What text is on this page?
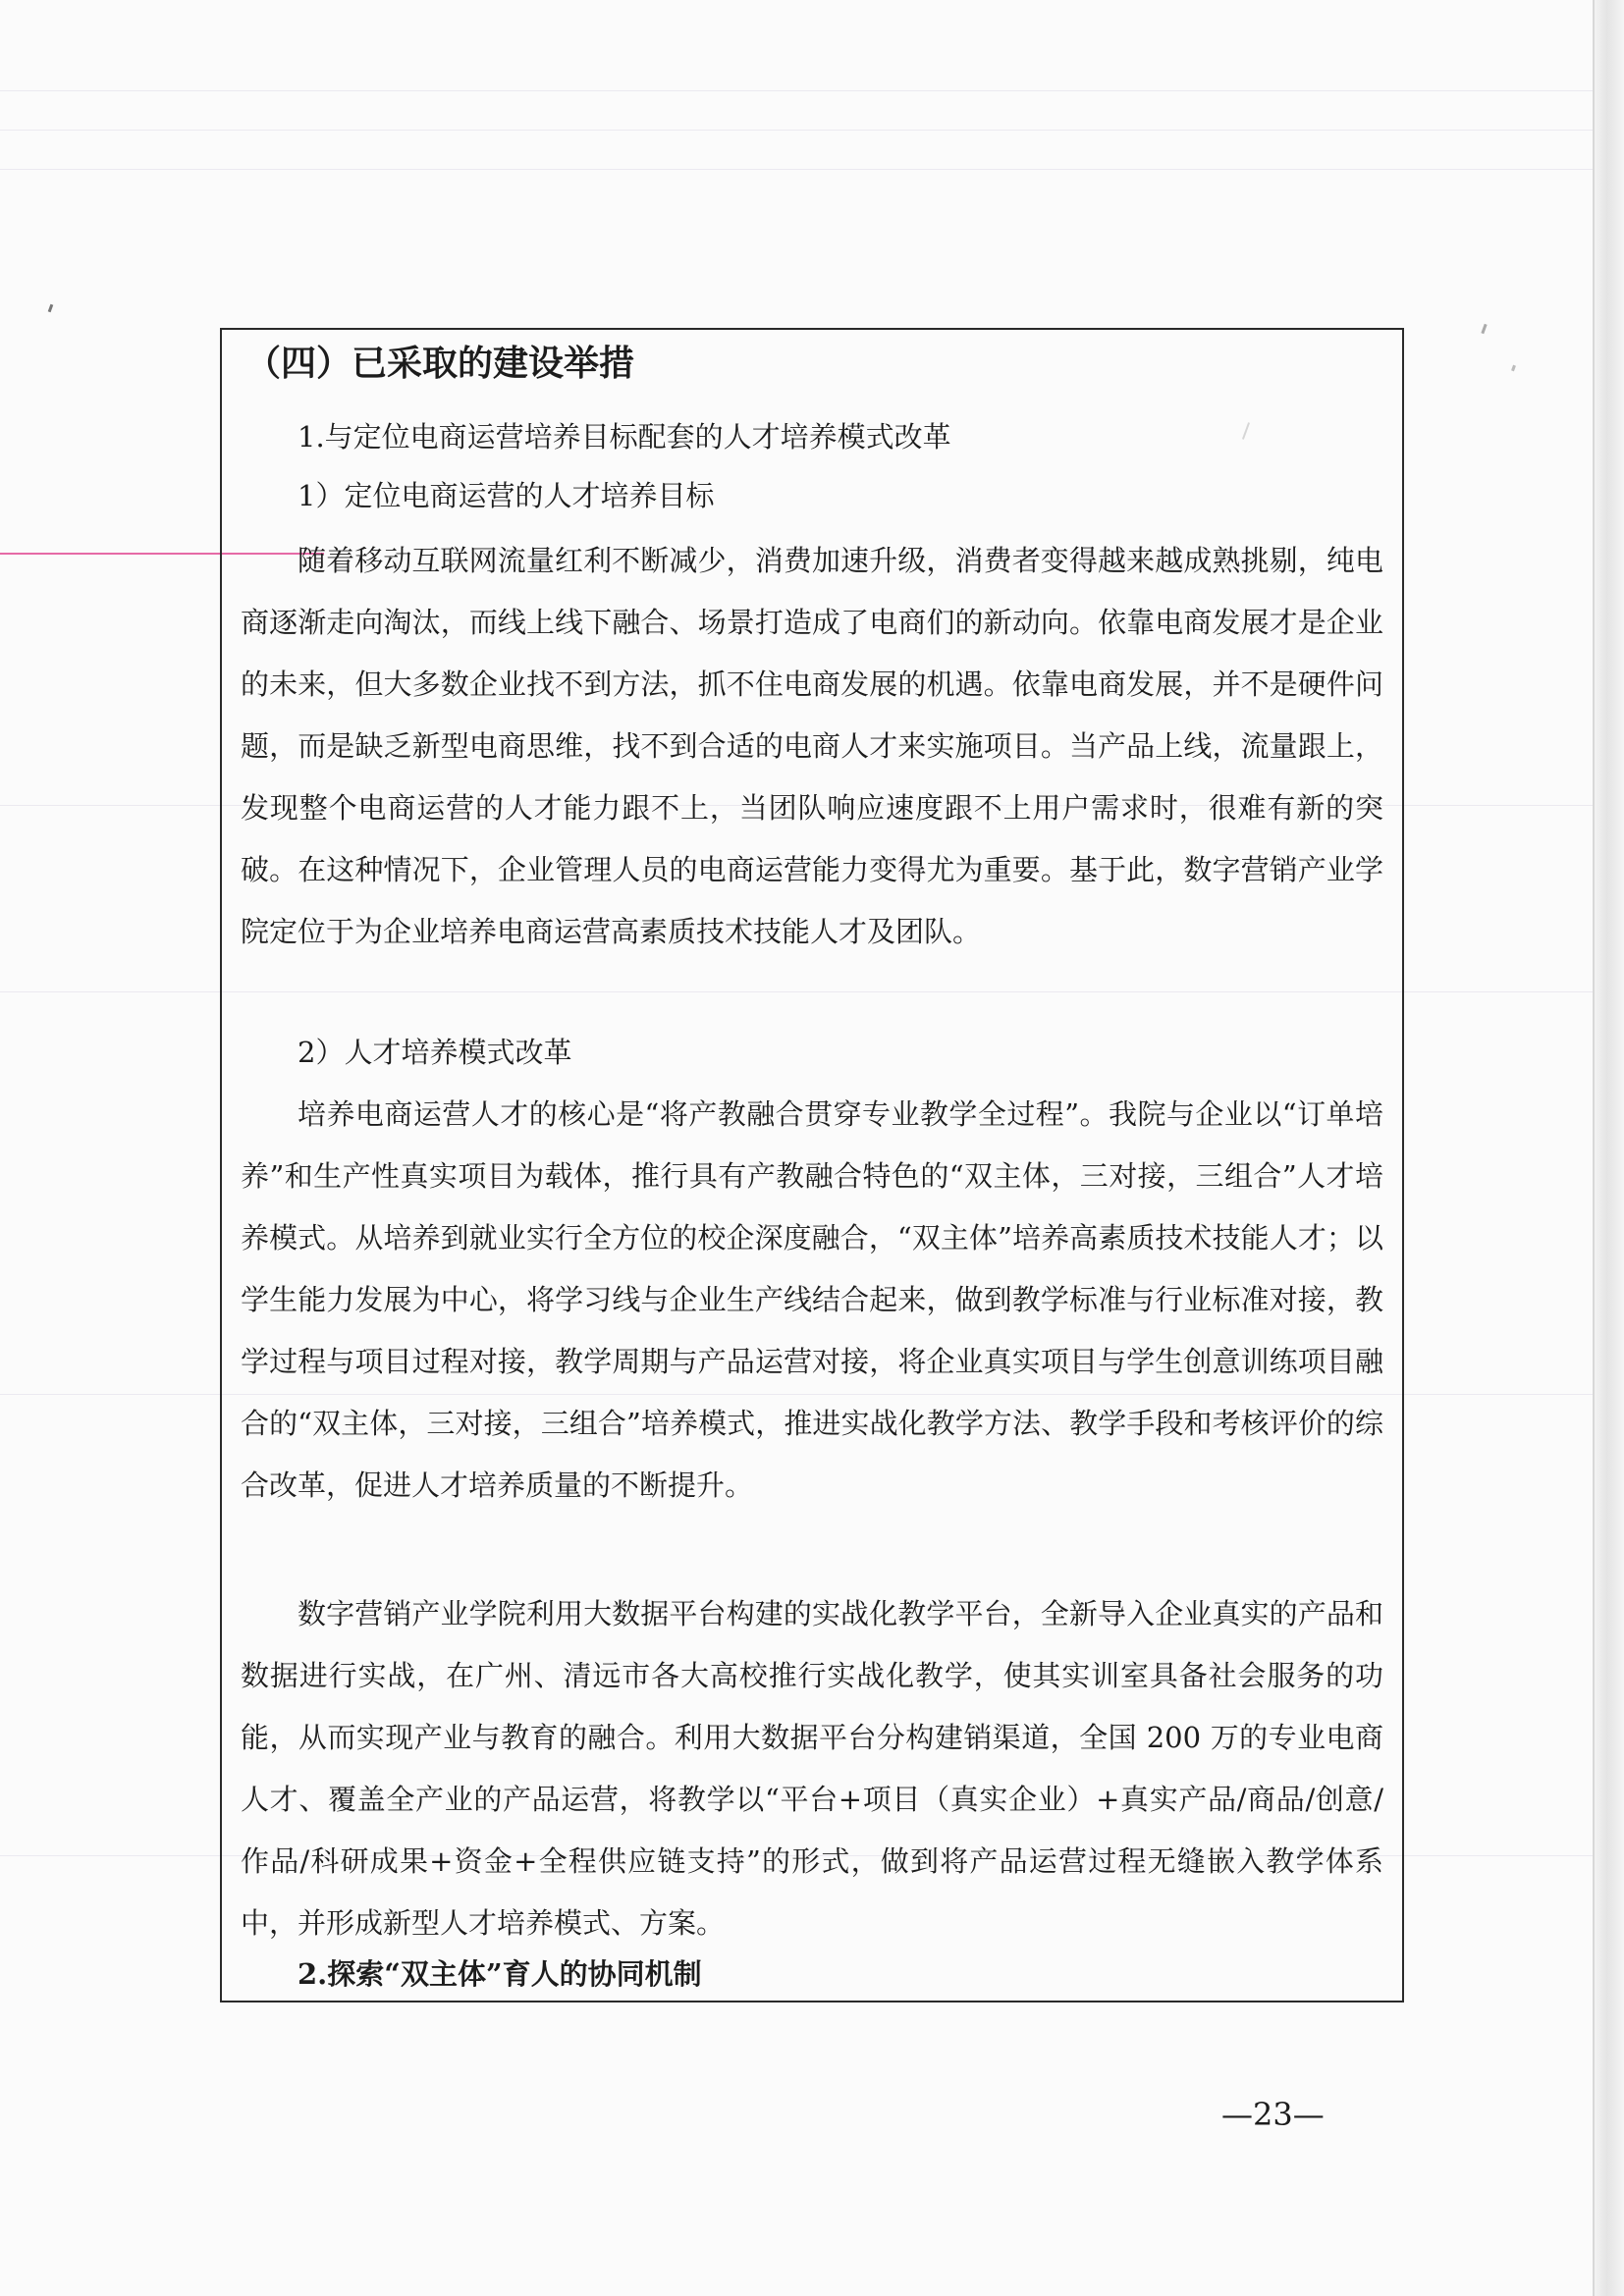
（四）已采取的建设举措
1.与定位电商运营培养目标配套的人才培养模式改革
1）定位电商运营的人才培养目标

随着移动互联网流量红利不断减少，消费加速升级，消费者变得越来越成熟挑剔，纯电商逐渐走向淘汰，而线上线下融合、场景打造成了电商们的新动向。依靠电商发展才是企业的未来，但大多数企业找不到方法，抓不住电商发展的机遇。依靠电商发展，并不是硬件问题，而是缺乏新型电商思维，找不到合适的电商人才来实施项目。当产品上线，流量跟上，发现整个电商运营的人才能力跟不上，当团队响应速度跟不上用户需求时，很难有新的突破。在这种情况下，企业管理人员的电商运营能力变得尤为重要。基于此，数字营销产业学院定位于为企业培养电商运营高素质技术技能人才及团队。

2）人才培养模式改革

培养电商运营人才的核心是“将产教融合贯穿专业教学全过程”。我院与企业以“订单培养”和生产性真实项目为载体，推行具有产教融合特色的“双主体，三对接，三组合”人才培养模式。从培养到就业实行全方位的校企深度融合，“双主体”培养高素质技术技能人才；以学生能力发展为中心，将学习线与企业生产线结合起来，做到教学标准与行业标准对接，教学过程与项目过程对接，教学周期与产品运营对接，将企业真实项目与学生创意训练项目融合的“双主体，三对接，三组合”培养模式，推进实战化教学方法、教学手段和考核评价的综合改革，促进人才培养质量的不断提升。

数字营销产业学院利用大数据平台构建的实战化教学平台，全新导入企业真实的产品和数据进行实战，在广州、清远市各大高校推行实战化教学，使其实训室具备社会服务的功能，从而实现产业与教育的融合。利用大数据平台分构建销渠道，全国 200 万的专业电商人才、覆盖全产业的产品运营，将教学以“平台+项目（真实企业）+真实产品/商品/创意/作品/科研成果+资金+全程供应链支持”的形式，做到将产品运营过程无缝嵌入教学体系中，并形成新型人才培养模式、方案。

2.探索“双主体”育人的协同机制
—23—
